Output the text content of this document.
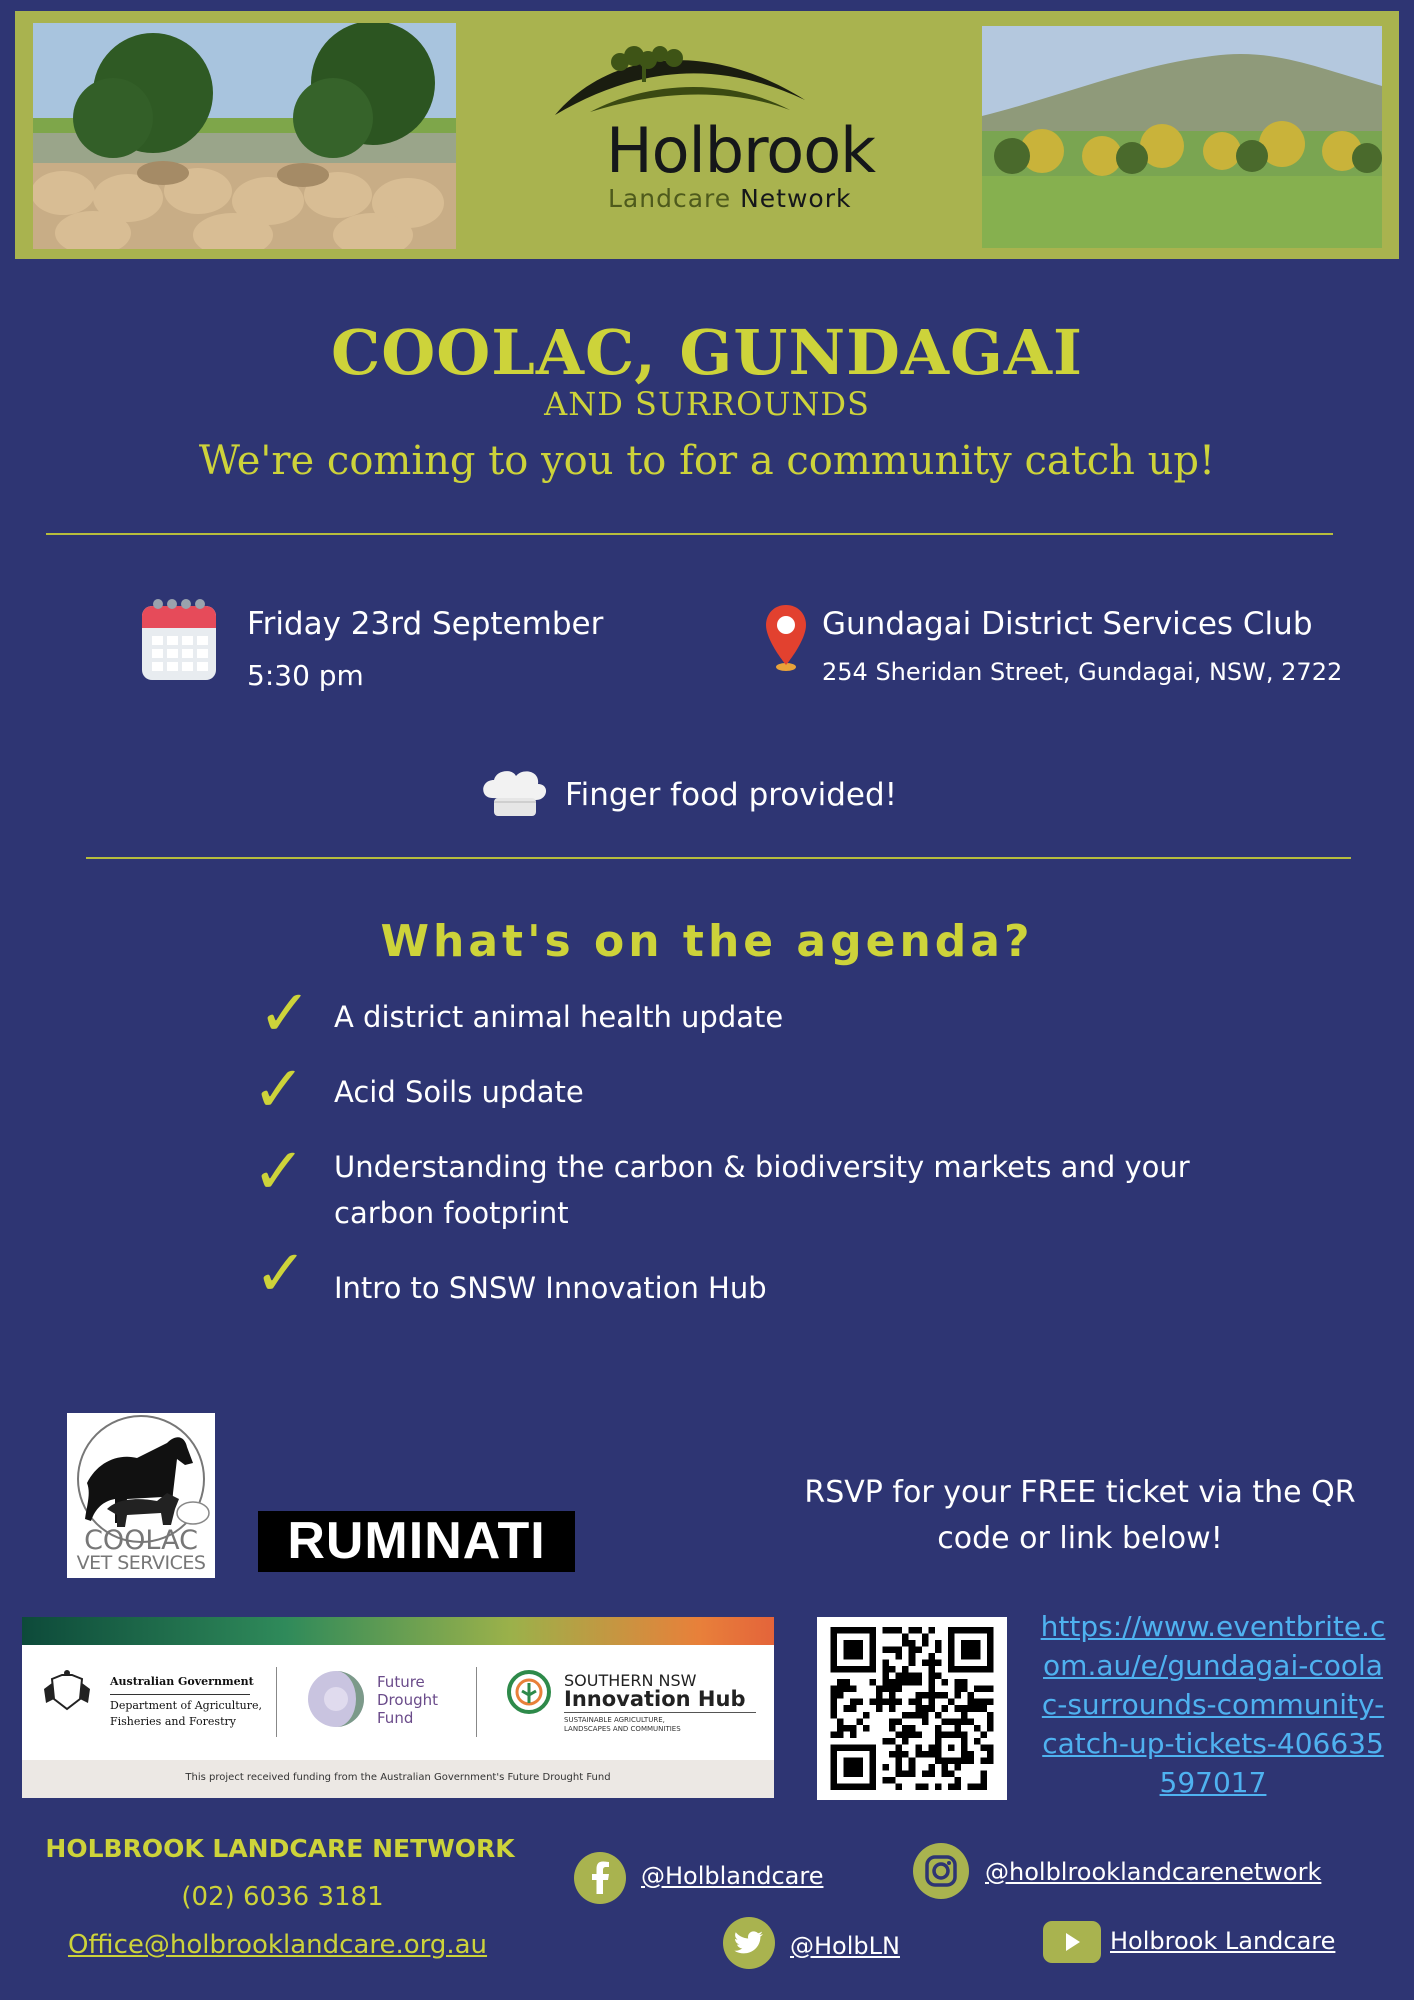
Holbrook
Landcare Network
COOLAC, GUNDAGAI
AND SURROUNDS
We're coming to you to for a community catch up!
Friday 23rd September
5:30 pm
Gundagai District Services Club
254 Sheridan Street, Gundagai, NSW, 2722
Finger food provided!
What's on the agenda?
✓ A district animal health update
✓ Acid Soils update
✓ Understanding the carbon & biodiversity markets and your carbon footprint
✓ Intro to SNSW Innovation Hub
COOLAC
VET SERVICES	RUMINATI
RSVP for your FREE ticket via the QR code or link below!
Australian Government
Department of Agriculture,
Fisheries and Forestry
Future
Drought
Fund
SOUTHERN NSW
Innovation Hub
SUSTAINABLE AGRICULTURE,
LANDSCAPES AND COMMUNITIES
This project received funding from the Australian Government's Future Drought Fund
https://www.eventbrite.com.au/e/gundagai-coolac-surrounds-community-catch-up-tickets-406635597017
HOLBROOK LANDCARE NETWORK
(02) 6036 3181
Office@holbrooklandcare.org.au
@Holblandcare	@holblrooklandcarenetwork
@HolbLN	Holbrook Landcare
